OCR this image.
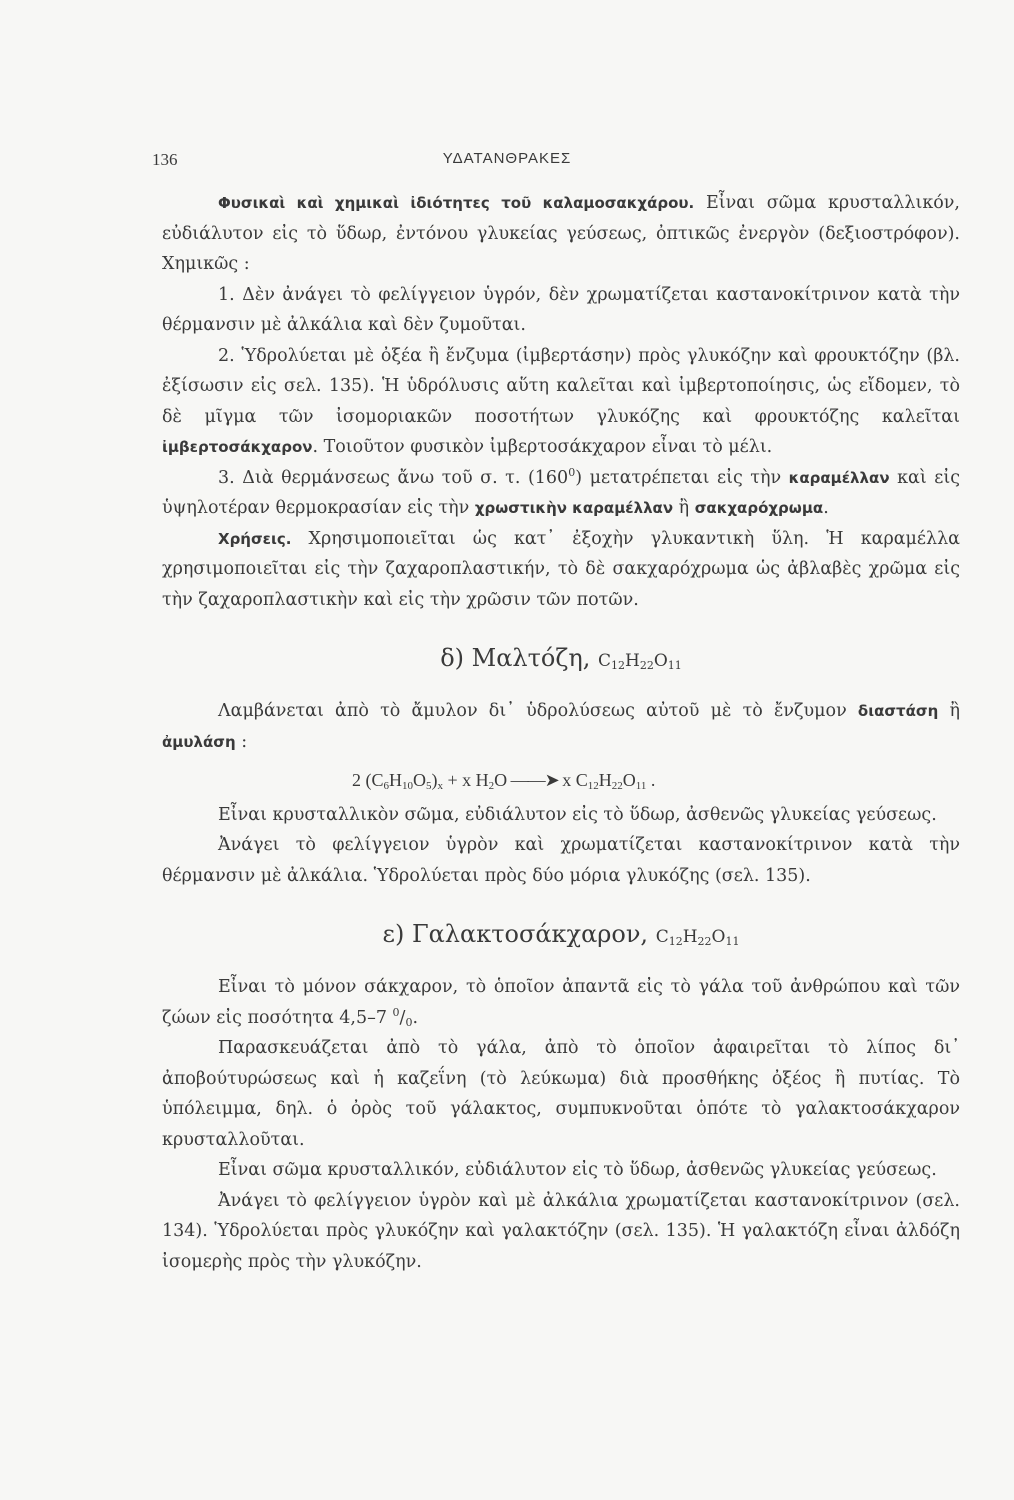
136	ΥΔΑΤΑΝΘΡΑΚΕΣ

Φυσικαὶ καὶ χημικαὶ ἰδιότητες τοῦ καλαμοσακχάρου. Εἶναι σῶμα κρυσταλλικόν, εὐδιάλυτον εἰς τὸ ὕδωρ, ἐντόνου γλυκείας γεύσεως, ὀπτικῶς ἐνεργὸν (δεξιοστρόφον). Χημικῶς :

1. Δὲν ἀνάγει τὸ φελίγγειον ὑγρόν, δὲν χρωματίζεται καστανοκίτρινον κατὰ τὴν θέρμανσιν μὲ ἀλκάλια καὶ δὲν ζυμοῦται.

2. Ὑδρολύεται μὲ ὀξέα ἢ ἔνζυμα (ἰμβερτάσην) πρὸς γλυκόζην καὶ φρουκτόζην (βλ. ἐξίσωσιν εἰς σελ. 135). Ἡ ὑδρόλυσις αὕτη καλεῖται καὶ ἰμβερτοποίησις, ὡς εἴδομεν, τὸ δὲ μῖγμα τῶν ἰσομοριακῶν ποσοτήτων γλυκόζης καὶ φρουκτόζης καλεῖται ἰμβερτοσάκχαρον. Τοιοῦτον φυσικὸν ἰμβερτοσάκχαρον εἶναι τὸ μέλι.

3. Διὰ θερμάνσεως ἄνω τοῦ σ. τ. $(160^0)$ μετατρέπεται εἰς τὴν καραμέλλαν καὶ εἰς ὑψηλοτέραν θερμοκρασίαν εἰς τὴν χρωστικὴν καραμέλλαν ἢ σακχαρόχρωμα.

Χρήσεις. Χρησιμοποιεῖται ὡς κατ᾿ ἐξοχὴν γλυκαντικὴ ὕλη. Ἡ καραμέλλα χρησιμοποιεῖται εἰς τὴν ζαχαροπλαστικήν, τὸ δὲ σακχαρόχρωμα ὡς ἀβλαβὲς χρῶμα εἰς τὴν ζαχαροπλαστικὴν καὶ εἰς τὴν χρῶσιν τῶν ποτῶν.

δ) Μαλτόζη, $C_{12}H_{22}O_{11}$

Λαμβάνεται ἀπὸ τὸ ἄμυλον δι᾿ ὑδρολύσεως αὐτοῦ μὲ τὸ ἔνζυμον διαστάση ἢ ἀμυλάση :

2 $(C_6H_{10}O_5)_x + x$ $H_2O$ ——➤ x $C_{12}H_{22}O_{11}$ .

Εἶναι κρυσταλλικὸν σῶμα, εὐδιάλυτον εἰς τὸ ὕδωρ, ἀσθενῶς γλυκείας γεύσεως.

Ἀνάγει τὸ φελίγγειον ὑγρὸν καὶ χρωματίζεται καστανοκίτρινον κατὰ τὴν θέρμανσιν μὲ ἀλκάλια. Ὑδρολύεται πρὸς δύο μόρια γλυκόζης (σελ. 135).

ε) Γαλακτοσάκχαρον, $C_{12}H_{22}O_{11}$

Εἶναι τὸ μόνον σάκχαρον, τὸ ὁποῖον ἀπαντᾶ εἰς τὸ γάλα τοῦ ἀνθρώπου καὶ τῶν ζώων εἰς ποσότητα 4,5–7 $^0/_0$.

Παρασκευάζεται ἀπὸ τὸ γάλα, ἀπὸ τὸ ὁποῖον ἀφαιρεῖται τὸ λίπος δι᾿ ἀποβούτυρώσεως καὶ ἡ καζεΐνη (τὸ λεύκωμα) διὰ προσθήκης ὀξέος ἢ πυτίας. Τὸ ὑπόλειμμα, δηλ. ὁ ὀρὸς τοῦ γάλακτος, συμπυκνοῦται ὁπότε τὸ γαλακτοσάκχαρον κρυσταλλοῦται.

Εἶναι σῶμα κρυσταλλικόν, εὐδιάλυτον εἰς τὸ ὕδωρ, ἀσθενῶς γλυκείας γεύσεως.

Ἀνάγει τὸ φελίγγειον ὑγρὸν καὶ μὲ ἀλκάλια χρωματίζεται καστανοκίτρινον (σελ. 134). Ὑδρολύεται πρὸς γλυκόζην καὶ γαλακτόζην (σελ. 135). Ἡ γαλακτόζη εἶναι ἀλδόζη ἰσομερὴς πρὸς τὴν γλυκόζην.
